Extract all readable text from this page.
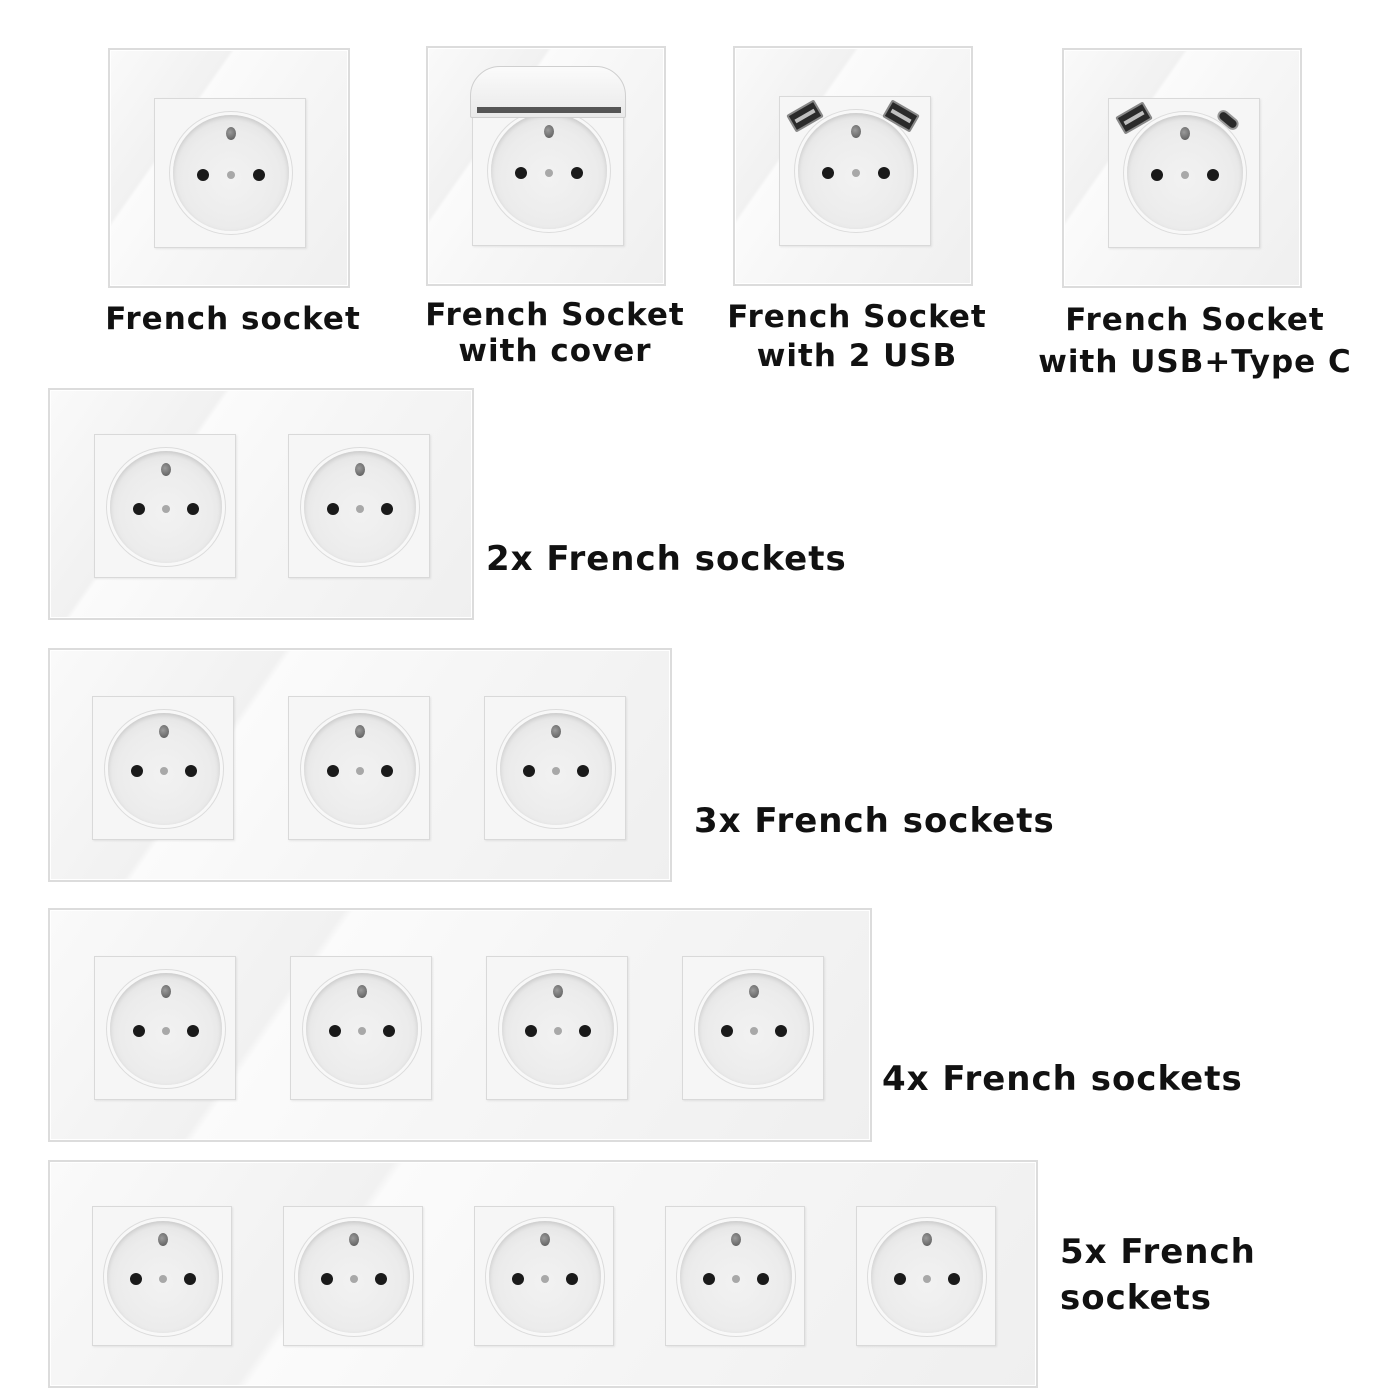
French socket French Socket
with cover
French Socket
with 2 USB
French Socket
with USB+Type C
2x French sockets
3x French sockets
4x French sockets
5x French
sockets
